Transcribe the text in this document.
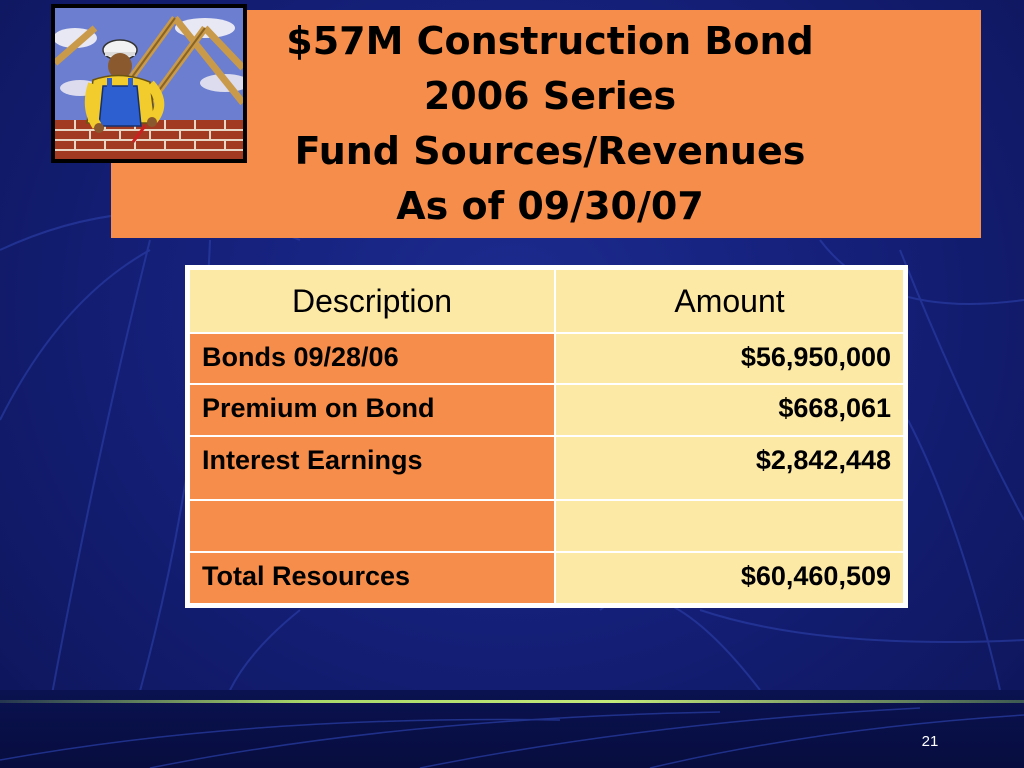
$57M Construction Bond
2006 Series
Fund Sources/Revenues
As of 09/30/07
Description	Amount
Bonds 09/28/06	$56,950,000
Premium on Bond	$668,061
Interest Earnings	$2,842,448

Total Resources	$60,460,509
21
